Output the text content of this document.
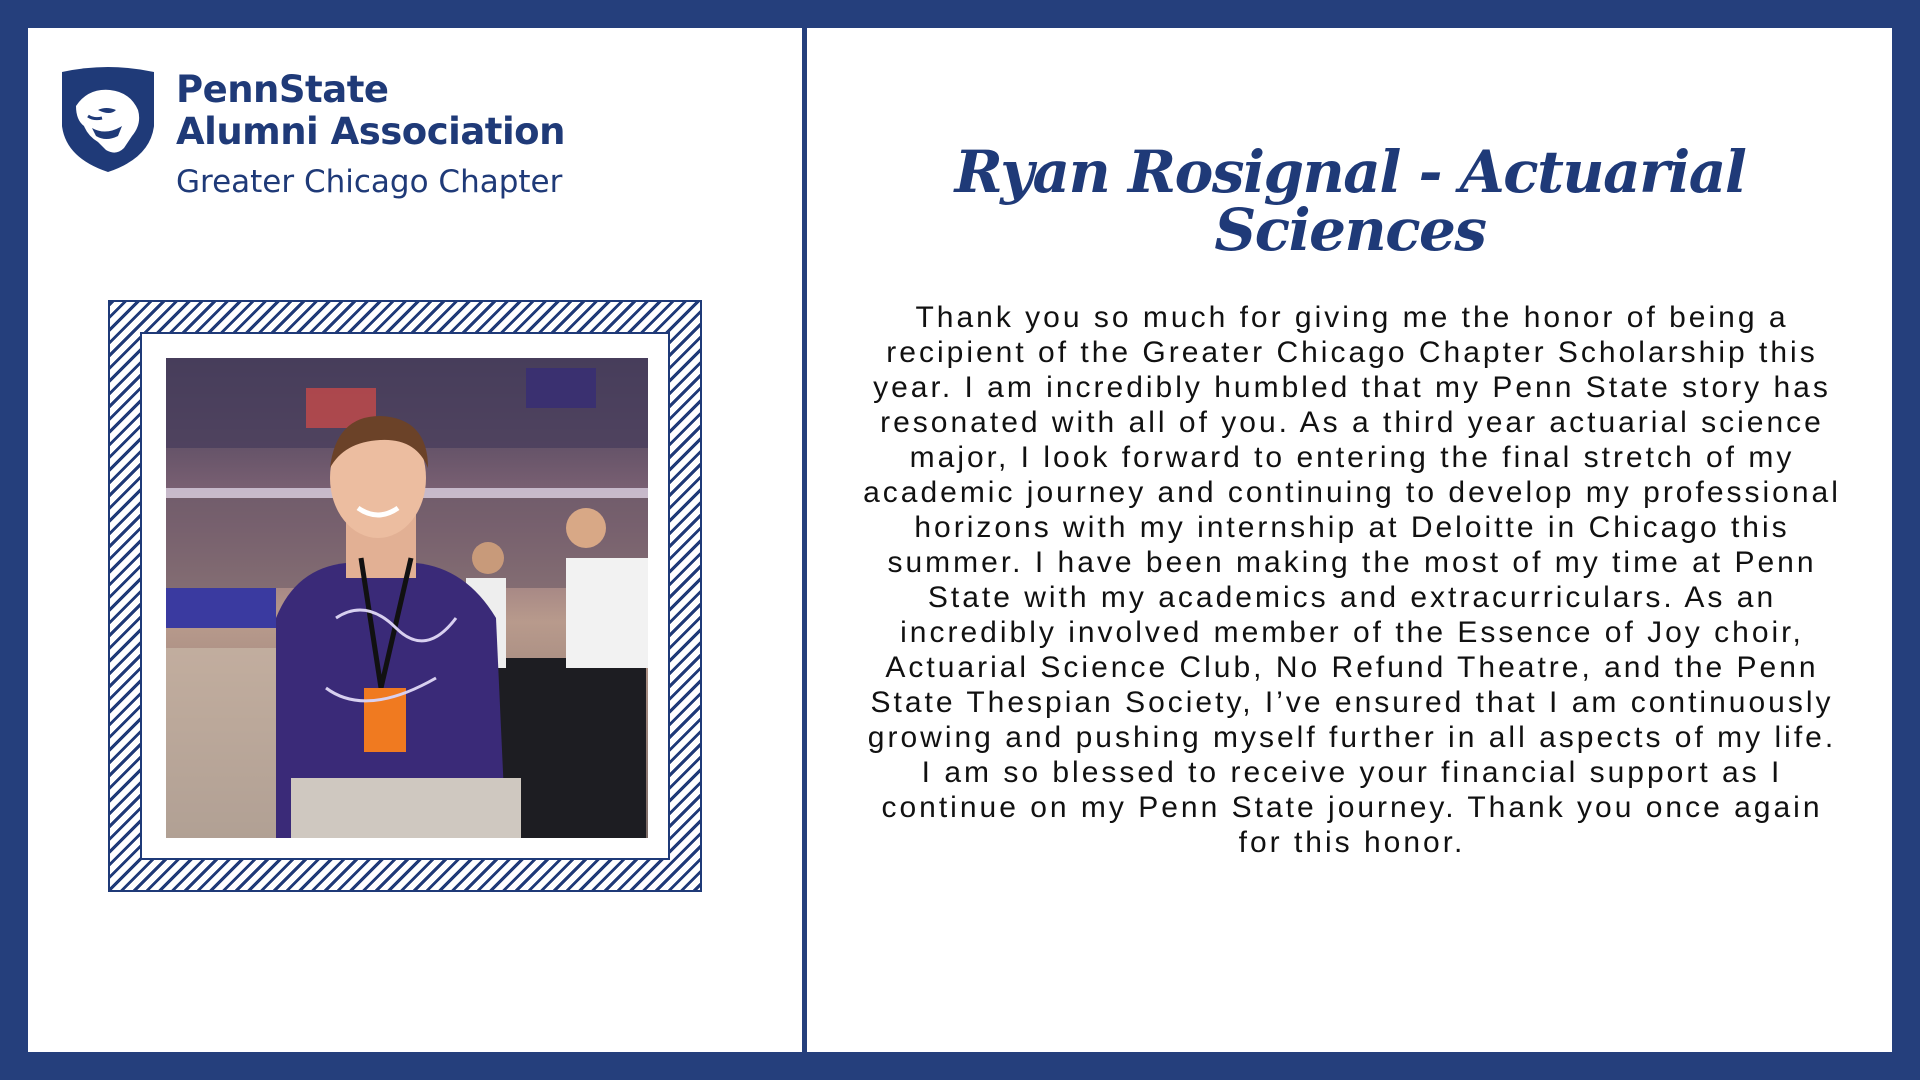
PennState
Alumni Association
Greater Chicago Chapter	Ryan Rosignal - Actuarial Sciences
Thank you so much for giving me the honor of being a recipient of the Greater Chicago Chapter Scholarship this year. I am incredibly humbled that my Penn State story has resonated with all of you. As a third year actuarial science major, I look forward to entering the final stretch of my academic journey and continuing to develop my professional horizons with my internship at Deloitte in Chicago this summer. I have been making the most of my time at Penn State with my academics and extracurriculars. As an incredibly involved member of the Essence of Joy choir, Actuarial Science Club, No Refund Theatre, and the Penn State Thespian Society, I’ve ensured that I am continuously growing and pushing myself further in all aspects of my life. I am so blessed to receive your financial support as I continue on my Penn State journey. Thank you once again for this honor.
